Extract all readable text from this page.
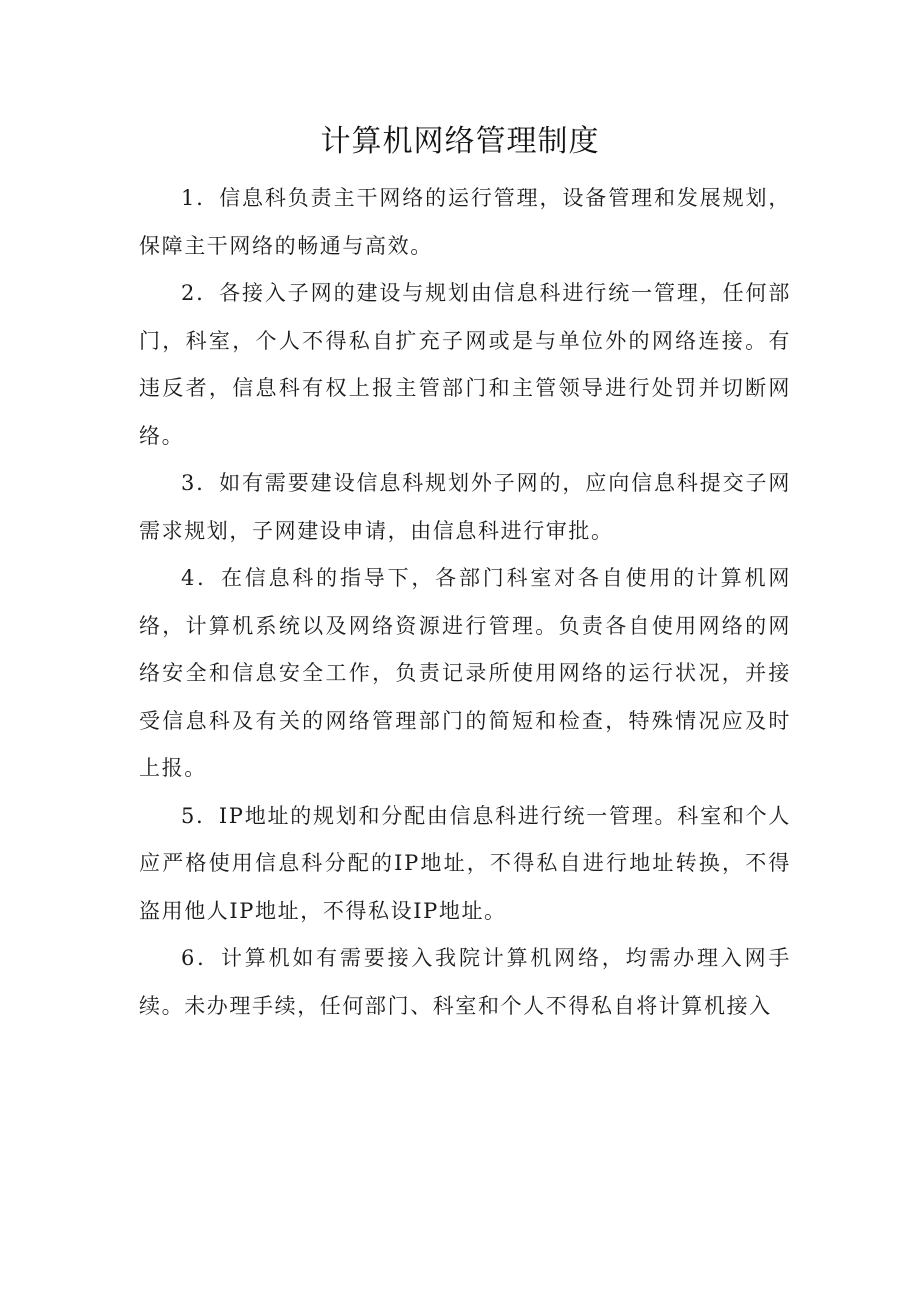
计算机网络管理制度

1．信息科负责主干网络的运行管理，设备管理和发展规划，保障主干网络的畅通与高效。

2．各接入子网的建设与规划由信息科进行统一管理，任何部门，科室，个人不得私自扩充子网或是与单位外的网络连接。有违反者，信息科有权上报主管部门和主管领导进行处罚并切断网络。

3．如有需要建设信息科规划外子网的，应向信息科提交子网需求规划，子网建设申请，由信息科进行审批。

4．在信息科的指导下，各部门科室对各自使用的计算机网络，计算机系统以及网络资源进行管理。负责各自使用网络的网络安全和信息安全工作，负责记录所使用网络的运行状况，并接受信息科及有关的网络管理部门的简短和检查，特殊情况应及时上报。

5．IP地址的规划和分配由信息科进行统一管理。科室和个人应严格使用信息科分配的IP地址，不得私自进行地址转换，不得盗用他人IP地址，不得私设IP地址。

6．计算机如有需要接入我院计算机网络，均需办理入网手续。未办理手续，任何部门、科室和个人不得私自将计算机接入
